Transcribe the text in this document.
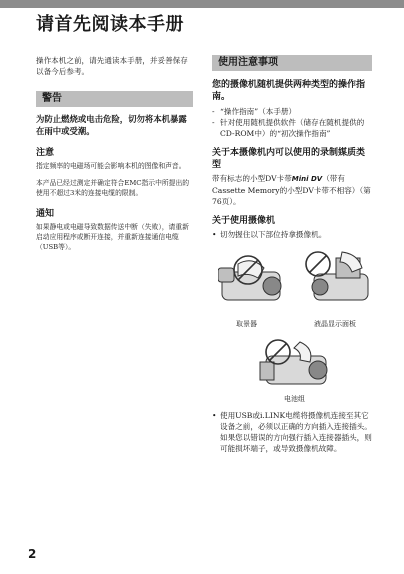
请首先阅读本手册

操作本机之前，请先通读本手册，并妥善保存以备今后参考。

警告

为防止燃烧或电击危险，切勿将本机暴露在雨中或受潮。

注意

指定频率的电磁场可能会影响本机的图像和声音。

本产品已经过测定并确定符合EMC指示中所提出的使用不超过3米的连接电缆的限制。

通知

如果静电或电磁导致数据传送中断（失败），请重新启动应用程序或断开连接，并重新连接通信电缆（USB等）。

使用注意事项

您的摄像机随机提供两种类型的操作指南。

- “操作指南”（本手册）
- 针对使用随机提供软件（储存在随机提供的CD-ROM中）的“初次操作指南”

关于本摄像机内可以使用的录制媒质类型

带有标志的小型DV卡带Mini DV（带有Cassette Memory的小型DV卡带不相容）（第76页）。

关于使用摄像机

• 切勿握住以下部位持拿摄像机。
取景器	液晶显示面板
电池组
• 使用USB或i.LINK电缆将摄像机连接至其它设备之前，必须以正确的方向插入连接插头。如果您以错误的方向强行插入连接器插头，则可能损坏端子，或导致摄像机故障。
2
